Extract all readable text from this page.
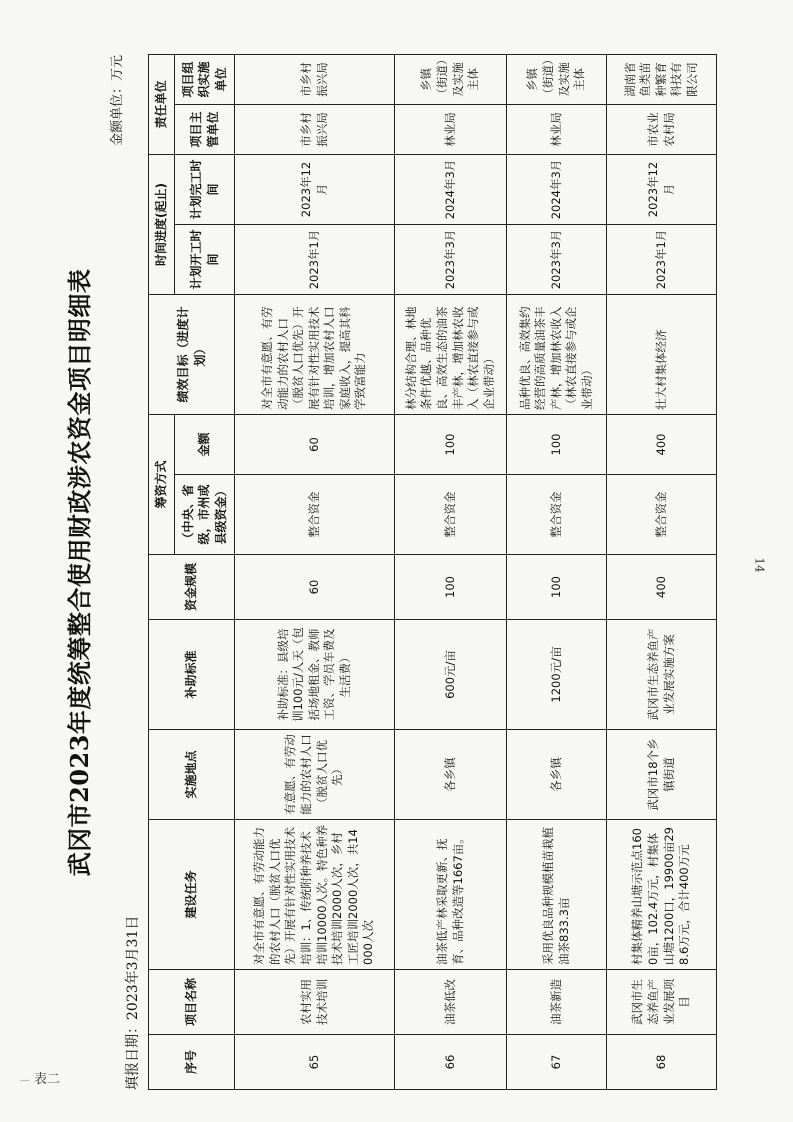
— 表二
14
武冈市2023年度统筹整合使用财政涉农资金项目明细表
金额单位：万元
填报日期：2023年3月31日	序号	项目名称	建设任务	实施地点	补助标准	资金规模	筹资方式		绩效目标（进度计划）	时间进度(起止)		责任单位	
						（中央、省级，市州或县级资金）	金额		计划开工时间	计划完工时间	项目主管单位	项目组织实施单位
65	农村实用技术培训	对全市有意愿、有劳动能力的农村人口（脱贫人口优先）开展有针对性实用技术培训：1、传统附种养技术培训10000人次。特色种养技术培训2000人次，乡村工匠培训2000人次，共14000人次	有意愿、有劳动能力的农村人口（脱贫人口优先）	补助标准：县级培训100元/人天（包括场地租金、教师工资、学员车费及生活费）	60	整合资金	60	对全市有意愿、有劳动能力的农村人口（脱贫人口优先）开展有针对性实用技术培训，增加农村人口家庭收入，提高其科学致富能力	2023年1月	2023年12月	市乡村振兴局	市乡村振兴局
66	油茶低改	油茶低产林采取更新、抚育、品种改造等1667亩。	各乡镇	600元/亩	100	整合资金	100	林分结构合理、林地条件优越、品种优良、高效生态的油茶丰产林，增加林农收入（林农直接参与或企业带动）	2023年3月	2024年3月	林业局	乡镇（街道）及实施主体
67	油茶新造	采用优良品种规模植苗栽植油茶833.3亩	各乡镇	1200元/亩	100	整合资金	100	品种优良、高效集约经营的高质量油茶丰产林，增加林农收入（林农直接参与或企业带动）	2023年3月	2024年3月	林业局	乡镇（街道）及实施主体
68	武冈市生态养鱼产业发展项目	村集体精养山塘示范点1600亩，102.4万元，村集体山塘1200口，19900亩298.6万元，合计400万元	武冈市18个乡镇街道	武冈市生态养鱼产业发展实施方案	400	整合资金	400	壮大村集体经济	2023年1月	2023年12月	市农业农村局	湖南省鱼类苗种繁育科技有限公司
